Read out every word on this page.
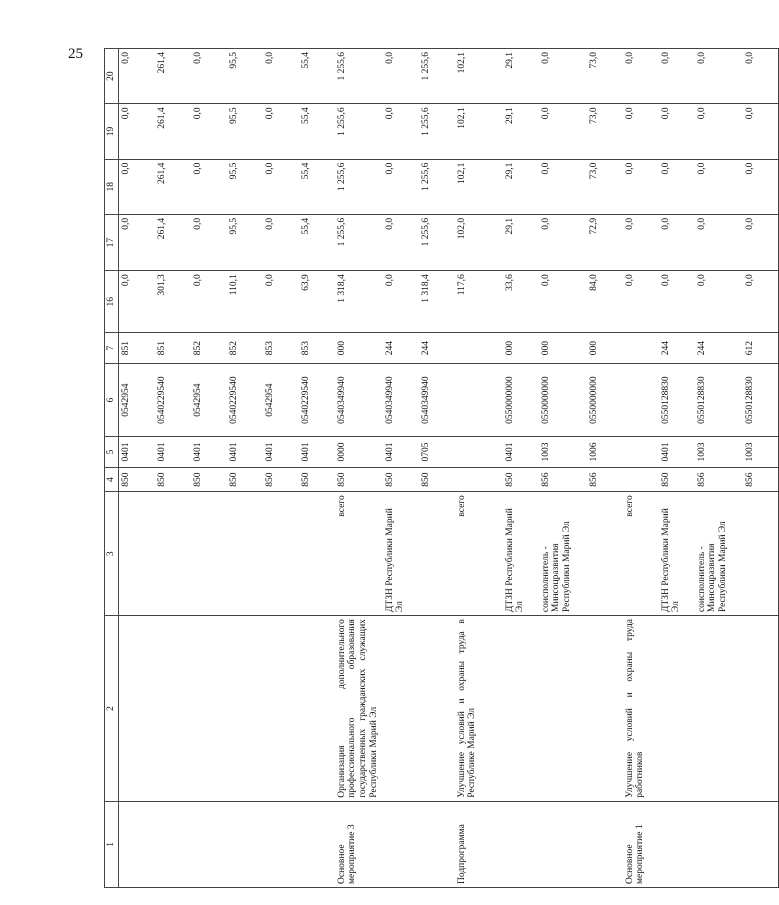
25
1	2	3	4	5	6	7	16	17	18	19	20
			850	0401	0542954	851	0,0	0,0	0,0	0,0	0,0
			850	0401	0540229540	851	301,3	261,4	261,4	261,4	261,4
			850	0401	0542954	852	0,0	0,0	0,0	0,0	0,0
			850	0401	0540229540	852	110,1	95,5	95,5	95,5	95,5
			850	0401	0542954	853	0,0	0,0	0,0	0,0	0,0
			850	0401	0540229540	853	63,9	55,4	55,4	55,4	55,4
Основное мероприятие 3	Организация дополнительного профессионального образования государственных гражданских служащих Республики Марий Эл	всего	850	0000	0540349940	000	1 318,4	1 255,6	1 255,6	1 255,6	1 255,6
		ДТЗН Республики Марий Эл	850	0401	0540349940	244	0,0	0,0	0,0	0,0	0,0
			850	0705	0540349940	244	1 318,4	1 255,6	1 255,6	1 255,6	1 255,6
Подпрограмма	Улучшение условий и охраны труда в Республике Марий Эл	всего					117,6	102,0	102,1	102,1	102,1
		ДТЗН Республики Марий Эл	850	0401	0550000000	000	33,6	29,1	29,1	29,1	29,1
		соисполнитель - Минсоцразвития Республики Марий Эл	856	1003	0550000000	000	0,0	0,0	0,0	0,0	0,0
			856	1006	0550000000	000	84,0	72,9	73,0	73,0	73,0
Основное мероприятие 1	Улучшение условий и охраны труда работников	всего					0,0	0,0	0,0	0,0	0,0
		ДТЗН Республики Марий Эл	850	0401	0550128830	244	0,0	0,0	0,0	0,0	0,0
		соисполнитель - Минсоцразвития Республики Марий Эл	856	1003	0550128830	244	0,0	0,0	0,0	0,0	0,0
			856	1003	0550128830	612	0,0	0,0	0,0	0,0	0,0
